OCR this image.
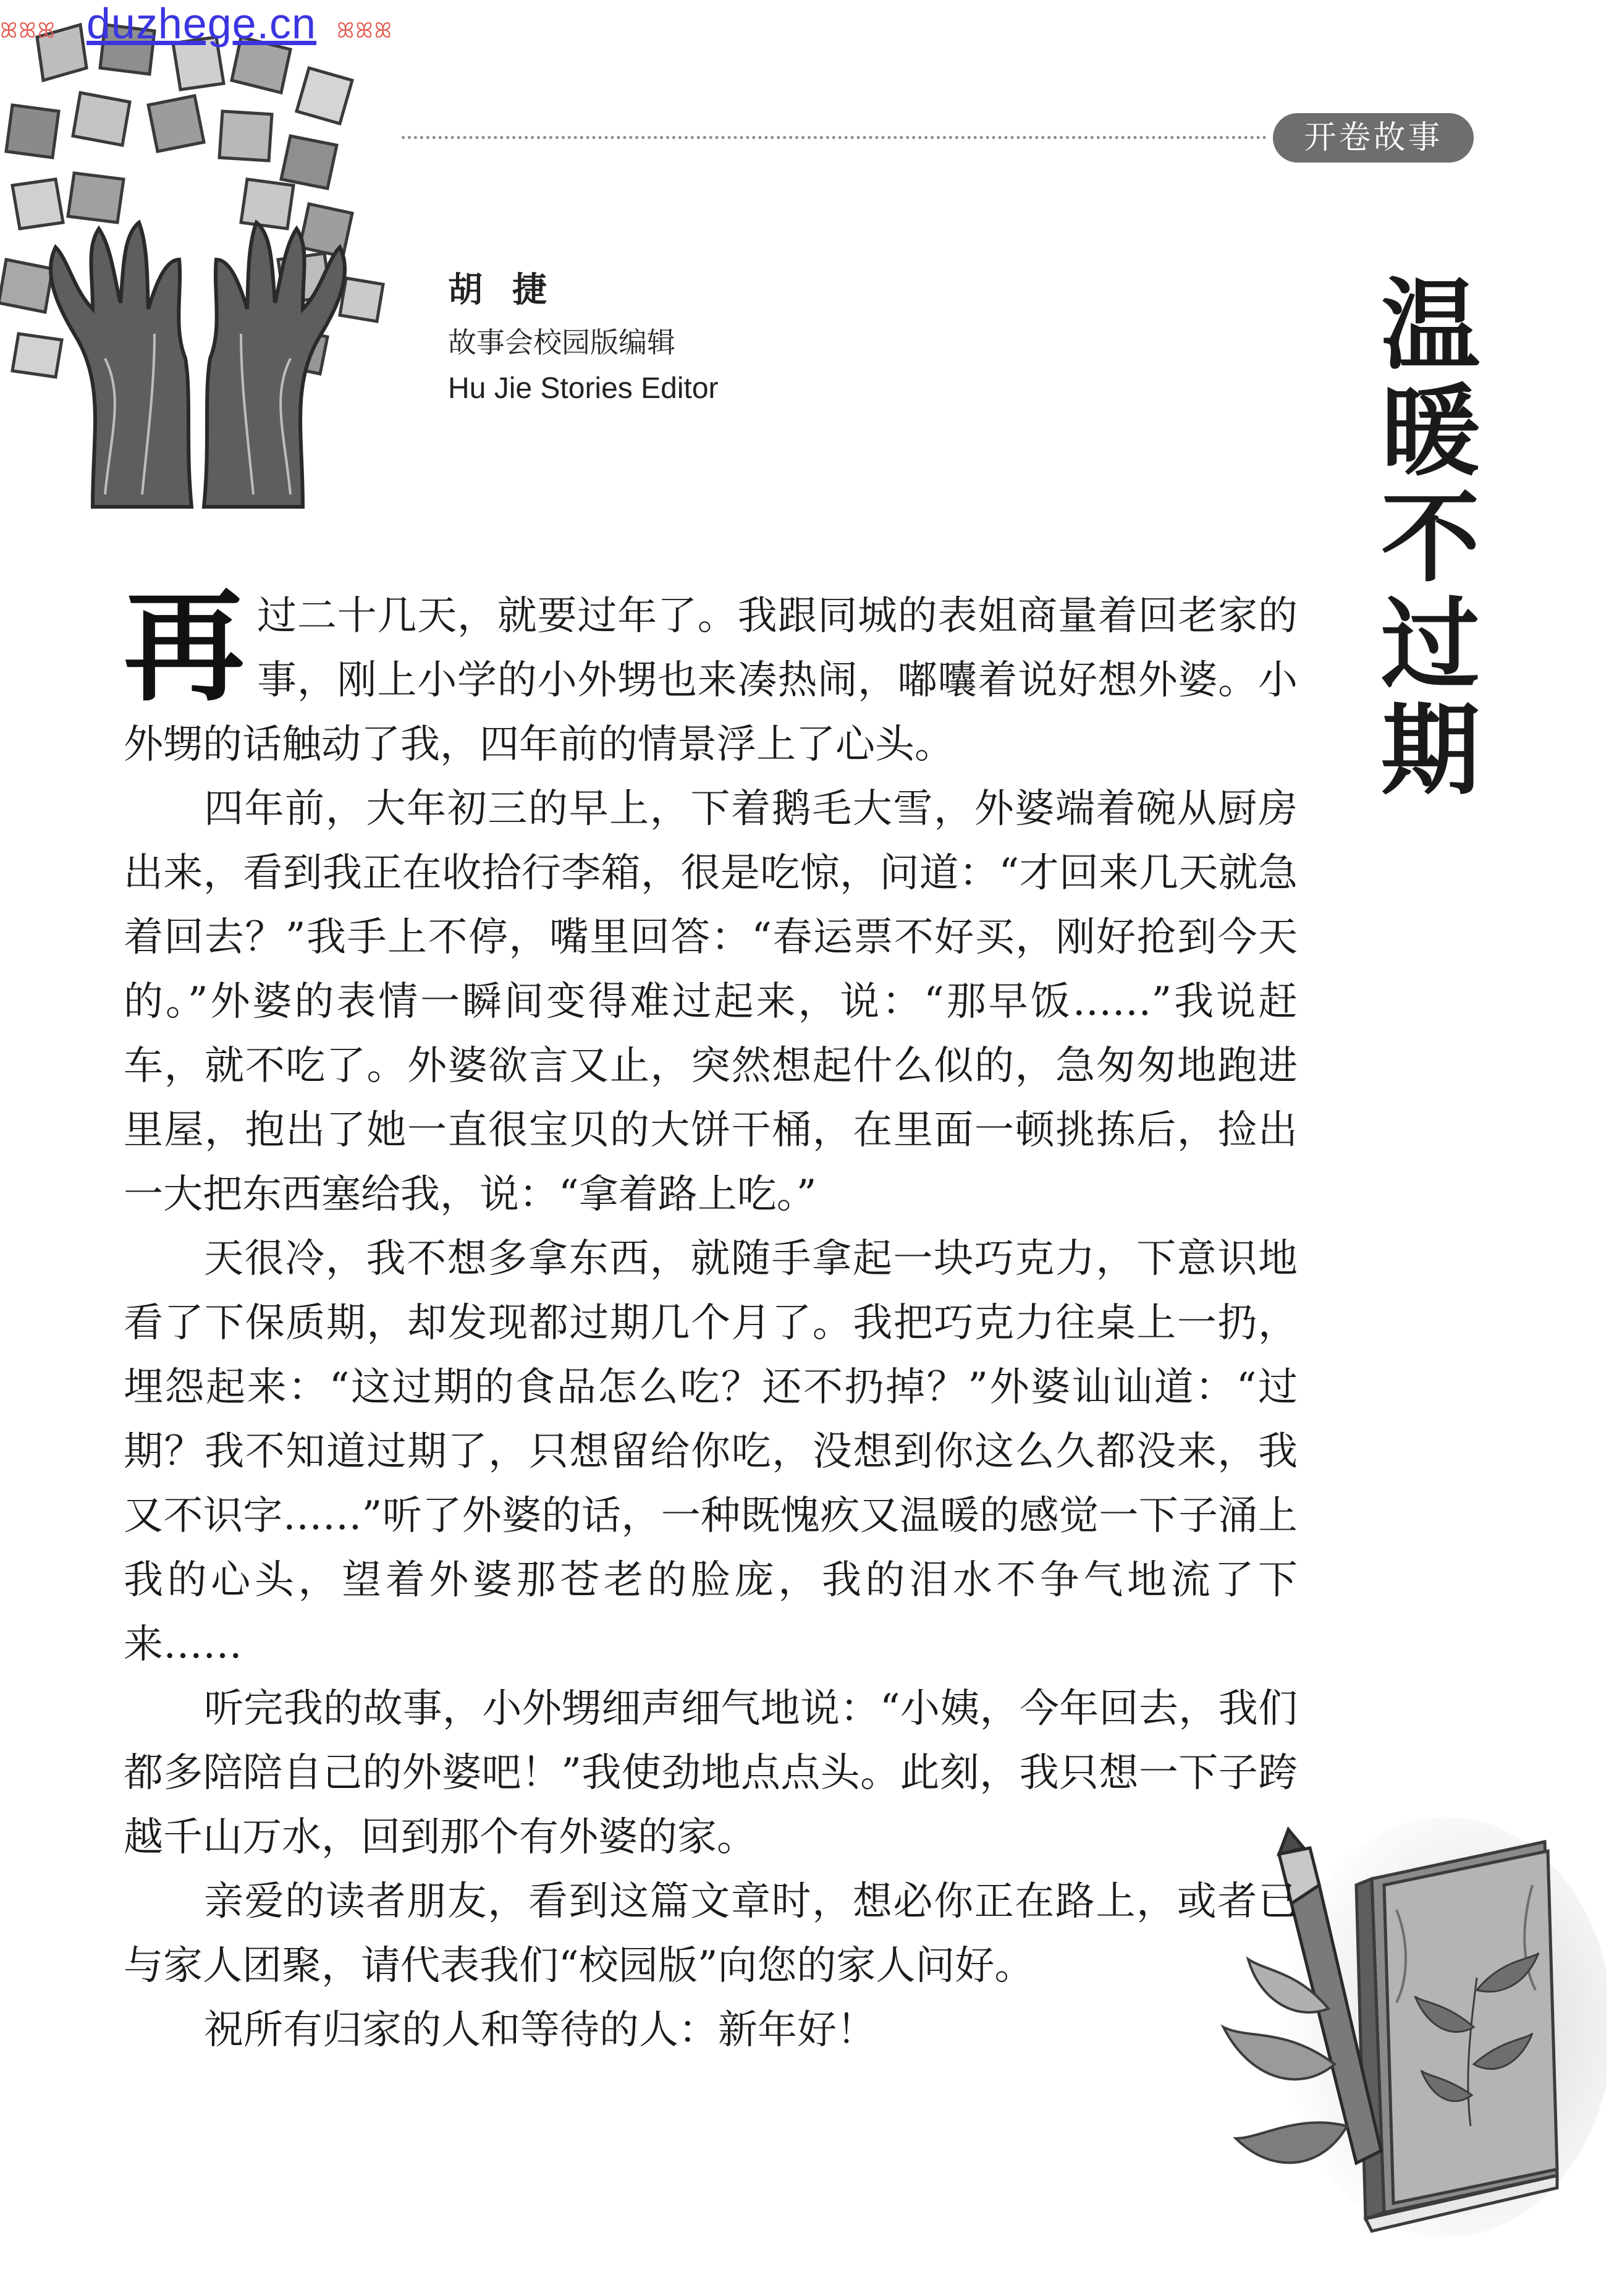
ꕤꕤꕤ duzhege.cn ꕤꕤꕤ
开卷故事
胡捷
故事会校园版编辑
Hu Jie Stories Editor
温
暖
不
过
期

再过二十几天，就要过年了。我跟同城的表姐商量着回老家的事，刚上小学的小外甥也来凑热闹，嘟囔着说好想外婆。小外甥的话触动了我，四年前的情景浮上了心头。

四年前，大年初三的早上，下着鹅毛大雪，外婆端着碗从厨房出来，看到我正在收拾行李箱，很是吃惊，问道：“才回来几天就急着回去？”我手上不停，嘴里回答：“春运票不好买，刚好抢到今天的。”外婆的表情一瞬间变得难过起来，说：“那早饭……”我说赶车，就不吃了。外婆欲言又止，突然想起什么似的，急匆匆地跑进里屋，抱出了她一直很宝贝的大饼干桶，在里面一顿挑拣后，捡出一大把东西塞给我，说：“拿着路上吃。”

天很冷，我不想多拿东西，就随手拿起一块巧克力，下意识地看了下保质期，却发现都过期几个月了。我把巧克力往桌上一扔，埋怨起来：“这过期的食品怎么吃？还不扔掉？”外婆讪讪道：“过期？我不知道过期了，只想留给你吃，没想到你这么久都没来，我又不识字……”听了外婆的话，一种既愧疚又温暖的感觉一下子涌上我的心头，望着外婆那苍老的脸庞，我的泪水不争气地流了下来……

听完我的故事，小外甥细声细气地说：“小姨，今年回去，我们都多陪陪自己的外婆吧！”我使劲地点点头。此刻，我只想一下子跨越千山万水，回到那个有外婆的家。

亲爱的读者朋友，看到这篇文章时，想必你正在路上，或者已与家人团聚，请代表我们“校园版”向您的家人问好。

祝所有归家的人和等待的人：新年好！
